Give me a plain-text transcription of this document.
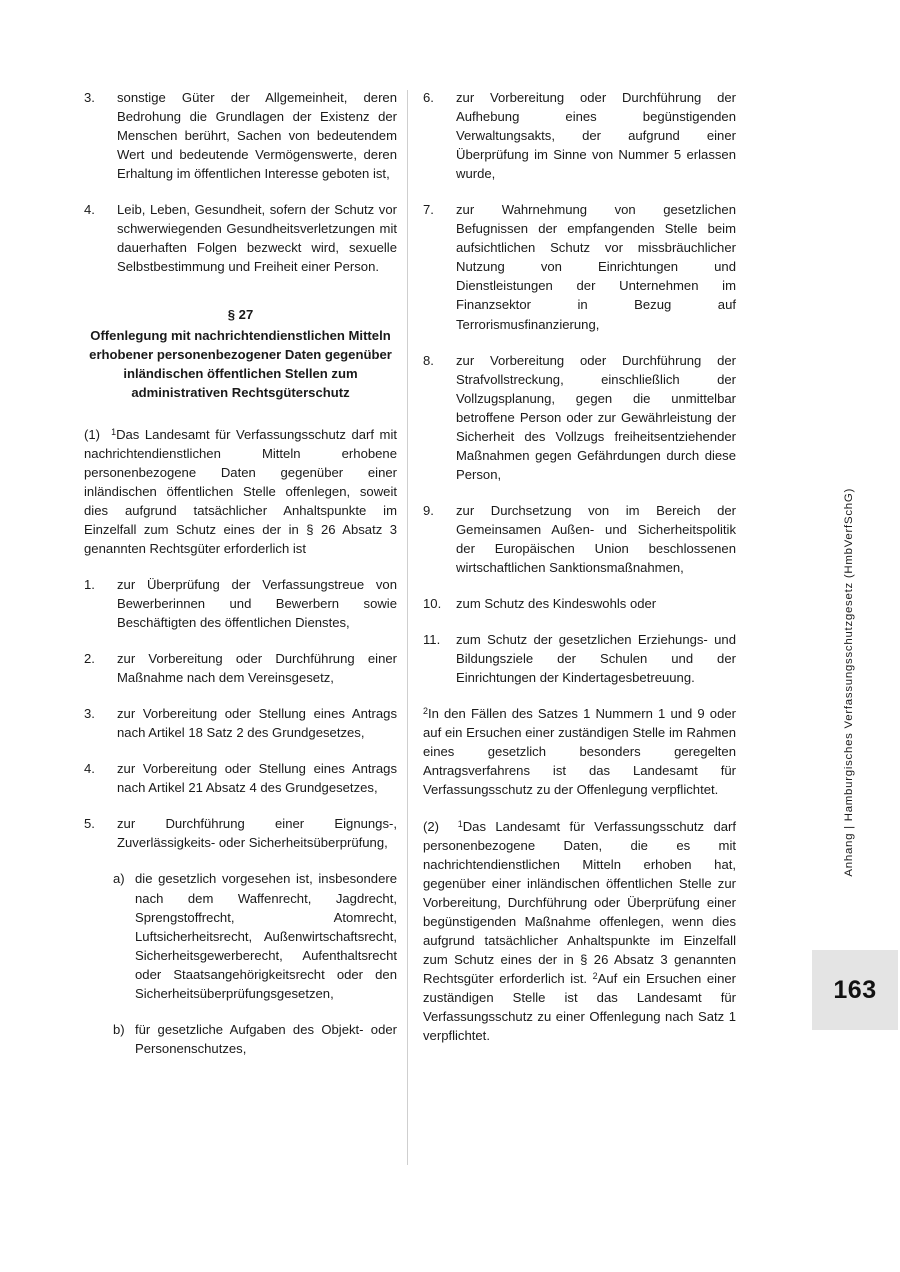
3.	sonstige Güter der Allgemeinheit, deren Bedrohung die Grundlagen der Existenz der Menschen berührt, Sachen von bedeutendem Wert und bedeutende Vermögenswerte, deren Erhaltung im öffentlichen Interesse geboten ist,
4.	Leib, Leben, Gesundheit, sofern der Schutz vor schwerwiegenden Gesundheitsverletzungen mit dauerhaften Folgen bezweckt wird, sexuelle Selbstbestimmung und Freiheit einer Person.
§ 27
Offenlegung mit nachrichtendienstlichen Mitteln erhobener personenbezogener Daten gegenüber inländischen öffentlichen Stellen zum administrativen Rechtsgüterschutz
(1) $^1$Das Landesamt für Verfassungsschutz darf mit nachrichtendienstlichen Mitteln erhobene personenbezogene Daten gegenüber einer inländischen öffentlichen Stelle offenlegen, soweit dies aufgrund tatsächlicher Anhaltspunkte im Einzelfall zum Schutz eines der in § 26 Absatz 3 genannten Rechtsgüter erforderlich ist
1.	zur Überprüfung der Verfassungstreue von Bewerberinnen und Bewerbern sowie Beschäftigten des öffentlichen Dienstes,
2.	zur Vorbereitung oder Durchführung einer Maßnahme nach dem Vereinsgesetz,
3.	zur Vorbereitung oder Stellung eines Antrags nach Artikel 18 Satz 2 des Grundgesetzes,
4.	zur Vorbereitung oder Stellung eines Antrags nach Artikel 21 Absatz 4 des Grundgesetzes,
5.	zur Durchführung einer Eignungs-, Zuverlässigkeits- oder Sicherheitsüberprüfung,
a) die gesetzlich vorgesehen ist, insbesondere nach dem Waffenrecht, Jagdrecht, Sprengstoffrecht, Atomrecht, Luftsicherheitsrecht, Außenwirtschaftsrecht, Sicherheitsgewerberecht, Aufenthaltsrecht oder Staatsangehörigkeitsrecht oder den Sicherheitsüberprüfungsgesetzen,
b) für gesetzliche Aufgaben des Objekt- oder Personenschutzes,
6.	zur Vorbereitung oder Durchführung der Aufhebung eines begünstigenden Verwaltungsakts, der aufgrund einer Überprüfung im Sinne von Nummer 5 erlassen wurde,
7.	zur Wahrnehmung von gesetzlichen Befugnissen der empfangenden Stelle beim aufsichtlichen Schutz vor missbräuchlicher Nutzung von Einrichtungen und Dienstleistungen der Unternehmen im Finanzsektor in Bezug auf Terrorismusfinanzierung,
8.	zur Vorbereitung oder Durchführung der Strafvollstreckung, einschließlich der Vollzugsplanung, gegen die unmittelbar betroffene Person oder zur Gewährleistung der Sicherheit des Vollzugs freiheitsentziehender Maßnahmen gegen Gefährdungen durch diese Person,
9.	zur Durchsetzung von im Bereich der Gemeinsamen Außen- und Sicherheitspolitik der Europäischen Union beschlossenen wirtschaftlichen Sanktionsmaßnahmen,
10.	zum Schutz des Kindeswohls oder
11.	zum Schutz der gesetzlichen Erziehungs- und Bildungsziele der Schulen und der Einrichtungen der Kindertagesbetreuung.
$^2$In den Fällen des Satzes 1 Nummern 1 und 9 oder auf ein Ersuchen einer zuständigen Stelle im Rahmen eines gesetzlich besonders geregelten Antragsverfahrens ist das Landesamt für Verfassungsschutz zu der Offenlegung verpflichtet.
(2) $^1$Das Landesamt für Verfassungsschutz darf personenbezogene Daten, die es mit nachrichtendienstlichen Mitteln erhoben hat, gegenüber einer inländischen öffentlichen Stelle zur Vorbereitung, Durchführung oder Überprüfung einer begünstigenden Maßnahme offenlegen, wenn dies aufgrund tatsächlicher Anhaltspunkte im Einzelfall zum Schutz eines der in § 26 Absatz 3 genannten Rechtsgüter erforderlich ist. $^2$Auf ein Ersuchen einer zuständigen Stelle ist das Landesamt für Verfassungsschutz zu einer Offenlegung nach Satz 1 verpflichtet.
Anhang | Hamburgisches Verfassungsschutzgesetz (HmbVerfSchG)
163
